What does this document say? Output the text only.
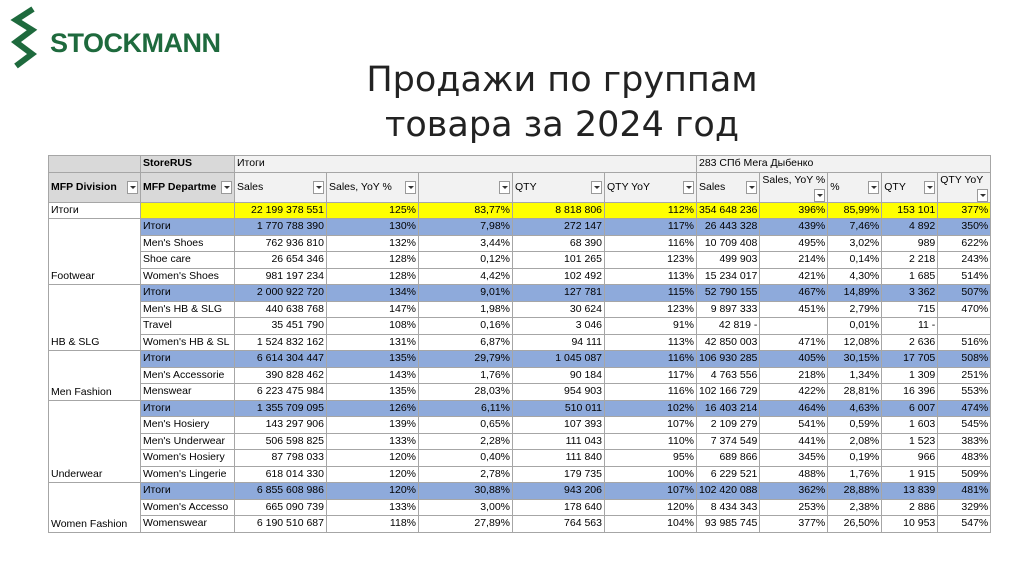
STOCKMANN
Продажи по группам
товара за 2024 год
	StoreRUS	Итоги					283 СПб Мега Дыбенко				
MFP Division	MFP Departme	Sales	Sales, YoY %		QTY	QTY YoY	Sales	Sales, YoY %	%	QTY	QTY YoY

Итоги		22 199 378 551	125%	83,77%	8 818 806	112%	354 648 236	396%	85,99%	153 101	377%
Footwear	Итоги	1 770 788 390	130%	7,98%	272 147	117%	26 443 328	439%	7,46%	4 892	350%
	Men's Shoes	762 936 810	132%	3,44%	68 390	116%	10 709 408	495%	3,02%	989	622%
	Shoe care	26 654 346	128%	0,12%	101 265	123%	499 903	214%	0,14%	2 218	243%
	Women's Shoes	981 197 234	128%	4,42%	102 492	113%	15 234 017	421%	4,30%	1 685	514%
HB & SLG	Итоги	2 000 922 720	134%	9,01%	127 781	115%	52 790 155	467%	14,89%	3 362	507%
	Men's HB & SLG	440 638 768	147%	1,98%	30 624	123%	9 897 333	451%	2,79%	715	470%
	Travel	35 451 790	108%	0,16%	3 046	91%	42 819 -		0,01%	11 -	
	Women's HB & SL	1 524 832 162	131%	6,87%	94 111	113%	42 850 003	471%	12,08%	2 636	516%
Men Fashion	Итоги	6 614 304 447	135%	29,79%	1 045 087	116%	106 930 285	405%	30,15%	17 705	508%
	Men's Accessorie	390 828 462	143%	1,76%	90 184	117%	4 763 556	218%	1,34%	1 309	251%
	Menswear	6 223 475 984	135%	28,03%	954 903	116%	102 166 729	422%	28,81%	16 396	553%
Underwear	Итоги	1 355 709 095	126%	6,11%	510 011	102%	16 403 214	464%	4,63%	6 007	474%
	Men's Hosiery	143 297 906	139%	0,65%	107 393	107%	2 109 279	541%	0,59%	1 603	545%
	Men's Underwear	506 598 825	133%	2,28%	111 043	110%	7 374 549	441%	2,08%	1 523	383%
	Women's Hosiery	87 798 033	120%	0,40%	111 840	95%	689 866	345%	0,19%	966	483%
	Women's Lingerie	618 014 330	120%	2,78%	179 735	100%	6 229 521	488%	1,76%	1 915	509%
Women Fashion	Итоги	6 855 608 986	120%	30,88%	943 206	107%	102 420 088	362%	28,88%	13 839	481%
	Women's Accesso	665 090 739	133%	3,00%	178 640	120%	8 434 343	253%	2,38%	2 886	329%
	Womenswear	6 190 510 687	118%	27,89%	764 563	104%	93 985 745	377%	26,50%	10 953	547%
